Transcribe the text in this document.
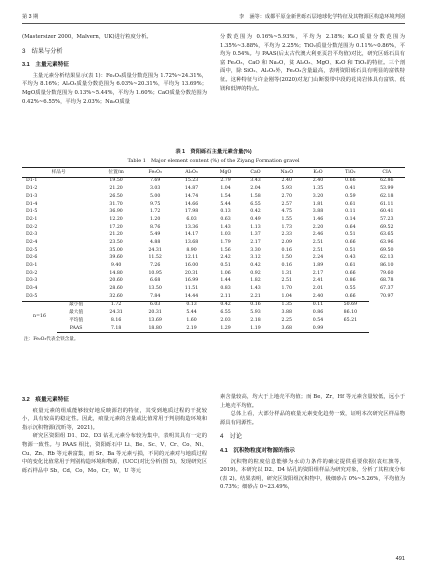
第 3 期	李　涵等：成都平原金新世砾石层地球化学特征及其物源区构造环境判别

(Mastersizer 2000，Malvern，UK)进行粒度分析。

3　结果与分析
3.1　主量元素特征

主量元素分析结果显示(表 1)：Fe₂O₃质量分数范围为 1.72%~24.31%，平均为 8.16%；Al₂O₃质量分数范围为 6.03%~20.31%，平均为 13.69%；MgO质量分数范围为 0.13%~5.44%，平均为 1.60%；CaO质量分数范围为 0.42%~6.55%，平均为 2.03%；Na₂O质量

分数范围为 0.16%~5.93%，平均为 2.18%；K₂O质量分数范围为 1.35%~3.88%，平均为 2.25%；TiO₂质量分数范围为 0.11%~0.86%，平均为 0.54%。与 PAAS(后太古代澳大利亚页岩平均值)对比，研究区砾石具有富 Fe₂O₃，CaO 和 Na₂O，贫 Al₂O₃、MgO、K₂O 和 TiO₂的特征。三个剖面中，除 SiO₂、Al₂O₃外，Fe₂O₃含量最高，表明资阳砾石具有明显的富铁特征。这种特征与许金刚等(2020)对龙门山断裂带中段的花岗岩体具有富铁、低镁和低钾的特点。

表 1　资阳砾石主量元素含量(%)
Table 1　Major element content (%) of the Ziyang Formation gravel
样品号		位置/m	Fe₂O₃	Al₂O₃	MgO	CaO	Na₂O	K₂O	TiO₂	CIA
D1-1		19.50	7.69	15.23	2.79	3.43	2.40	2.40	0.66	62.86
D1-2		21.20	3.03	14.87	1.04	2.04	5.93	1.35	0.41	53.99
D1-3		26.50	5.00	14.74	1.54	1.58	2.70	3.20	0.59	62.18
D1-4		31.70	9.75	14.66	5.44	6.55	2.57	1.81	0.61	61.11
D1-5		36.90	1.72	17.98	0.13	0.42	4.75	3.88	0.11	60.41
D2-1		12.20	1.20	6.03	0.63	0.49	1.55	1.46	0.14	57.23
D2-2		17.20	8.76	13.36	1.43	1.13	1.73	2.20	0.64	69.52
D2-3		21.20	5.49	14.17	1.03	1.37	2.33	2.46	0.51	63.65
D2-4		23.50	4.88	13.68	1.79	2.17	2.09	2.51	0.66	63.96
D2-5		35.00	24.31	8.90	1.56	3.30	0.16	2.51	0.51	69.50
D2-6		39.60	11.52	12.11	2.42	3.12	1.50	2.24	0.43	62.13
D3-1		9.40	7.26	16.00	0.51	0.42	0.16	1.89	0.61	86.10
D3-2		14.80	10.95	20.31	1.06	0.92	1.31	2.17	0.66	79.60
D3-3		20.60	6.68	16.99	1.44	1.82	2.51	2.41	0.86	68.78
D3-4		28.60	13.50	11.51	0.83	1.43	1.70	2.01	0.55	67.37
D3-5		32.60	7.84	14.44	2.11	2.21	1.04	2.40	0.66	70.97
n=16	最小值	1.72	6.03	0.13	0.42	0.16	1.35	0.11	50.69	
	最大值	24.31	20.31	5.44	6.55	5.93	3.88	0.86	86.10	
	平均值	8.16	13.69	1.60	2.03	2.18	2.25	0.54	65.21	
	PAAS	7.18	18.80	2.19	1.29	1.19	3.68	0.99		
注：Fe₂O₃代表全铁含量。
3.2　痕量元素特征

痕量元素的组成能够较好地反映源岩的特征，其受到地质过程的干扰较小，具有较高的稳定性。因此，痕量元素的含量或比值常用于判别构造环境和指示沉积物源(沈昕等，2021)。

研究区资阳组 D1、D2、D3 钻孔元素分布较为集中，表明其具有一定的物源一致性。与 PAAS 相比，资阳砾石中 Li、Be、Sc、V、Cr、Co、Ni、Cu、Zn、Rb 等元素富集，而 Sr、Ba 等元素亏损，不同的元素对与地质过程中的变化比值常用于判别构造环境和物源，(UCC)对比分析(图 5)，发现研究区砾石样品中 Sb，Cd，Co，Mo，Cr，W，U 等元

素含量较高，均大于上地壳平均值；而 Be，Zr，Hf 等元素含量较低，远小于上地壳平均值。

总体上看，大部分样品的痕量元素变化趋势一致，证明本次研究区样品物源具有同源性。

4　讨论
4.1　沉积物粒度对物源的指示

沉积物的粒度信息能够为水动力条件的确定提供重要依据(袁红旗等，2019)。本研究以 D2、D4 钻孔的资阳组样品为研究对象，分析了其粒度分布(表 2)。结果表明，研究区资阳组沉积物中，极细砂占 0%~5.26%，平均值为 0.73%；细砂占 0~23.49%，

491
